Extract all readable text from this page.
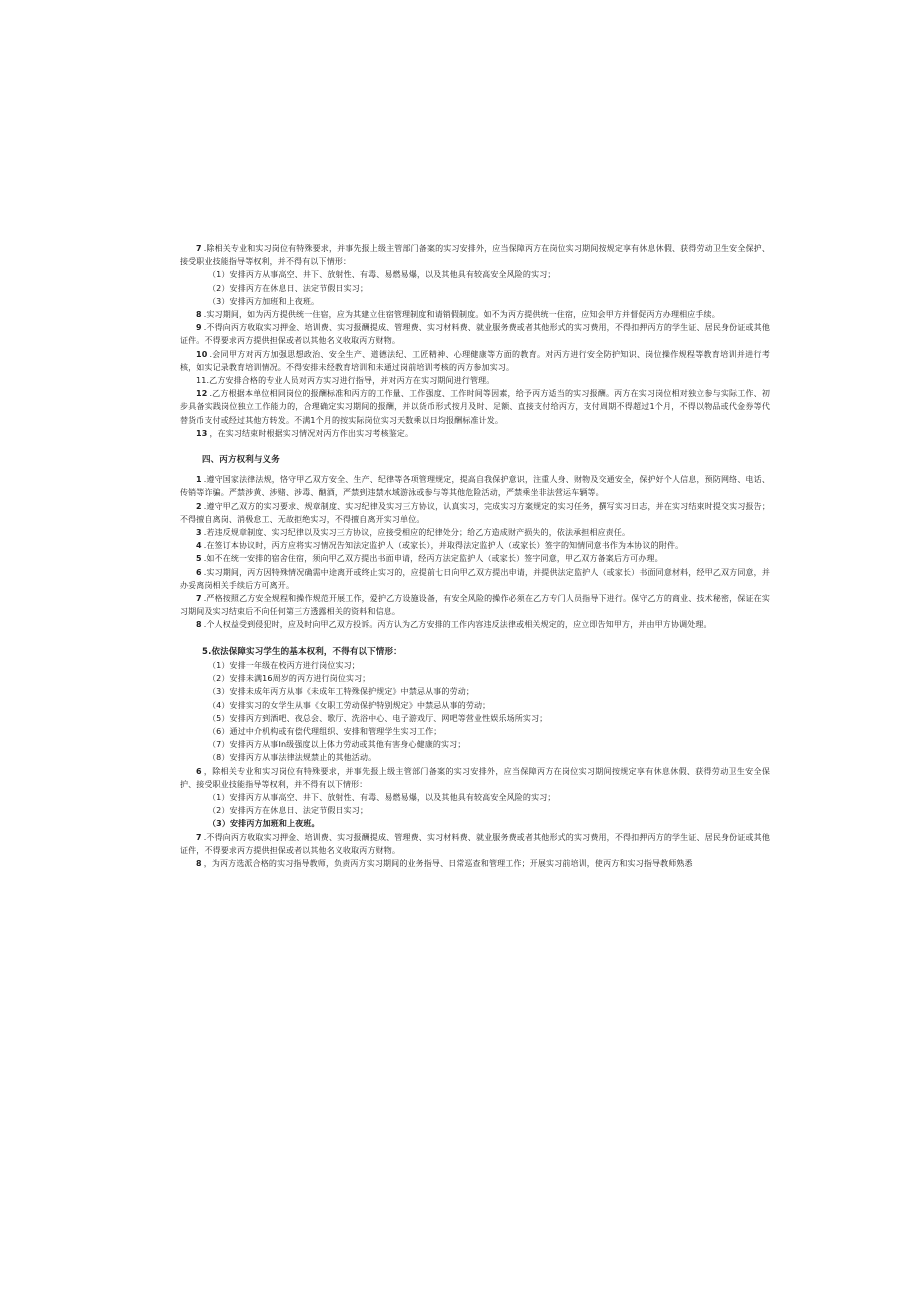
7 .除相关专业和实习岗位有特殊要求，并事先报上级主管部门备案的实习安排外，应当保障丙方在岗位实习期间按规定享有休息休假、获得劳动卫生安全保护、接受职业技能指导等权利，并不得有以下情形：

（1）安排丙方从事高空、井下、放射性、有毒、易燃易爆，以及其他具有较高安全风险的实习；

（2）安排丙方在休息日、法定节假日实习；

（3）安排丙方加班和上夜班。

8 .实习期间，如为丙方提供统一住宿，应为其建立住宿管理制度和请销假制度。如不为丙方提供统一住宿，应知会甲方并督促丙方办理相应手续。

9 .不得向丙方收取实习押金、培训费、实习报酬提成、管理费、实习材料费、就业服务费或者其他形式的实习费用，不得扣押丙方的学生证、居民身份证或其他证件。不得要求丙方提供担保或者以其他名义收取丙方财物。

10 .会同甲方对丙方加强思想政治、安全生产、道德法纪、工匠精神、心理健康等方面的教育。对丙方进行安全防护知识、岗位操作规程等教育培训并进行考核，如实记录教育培训情况。不得安排未经教育培训和未通过岗前培训考核的丙方参加实习。

11.乙方安排合格的专业人员对丙方实习进行指导，并对丙方在实习期间进行管理。

12 .乙方根据本单位相同岗位的报酬标准和丙方的工作量、工作强度、工作时间等因素，给予丙方适当的实习报酬。丙方在实习岗位相对独立参与实际工作、初步具备实践岗位独立工作能力的，合理确定实习期间的报酬，并以货币形式按月及时、足额、直接支付给丙方，支付周期不得超过1个月，不得以物品或代金券等代替货币支付或经过其他方转发。不满1个月的按实际岗位实习天数乘以日均报酬标准计发。

13 ，在实习结束时根据实习情况对丙方作出实习考核鉴定。

四、丙方权利与义务

1 .遵守国家法律法规，恪守甲乙双方安全、生产、纪律等各项管理规定，提高自我保护意识，注重人身、财物及交通安全，保护好个人信息，预防网络、电话、传销等诈骗。严禁涉黄、涉赌、涉毒、酗酒，严禁到违禁水域游泳或参与等其他危险活动，严禁乘坐非法营运车辆等。

2 .遵守甲乙双方的实习要求、规章制度、实习纪律及实习三方协议，认真实习，完成实习方案规定的实习任务，撰写实习日志，并在实习结束时提交实习报告；不得擅自离岗、消极怠工、无故拒绝实习，不得擅自离开实习单位。

3 .若违反规章制度、实习纪律以及实习三方协议，应接受相应的纪律处分；给乙方造成财产损失的，依法承担相应责任。

4 .在签订本协议时，丙方应将实习情况告知法定监护人（或家长），并取得法定监护人（或家长）签字的知情同意书作为本协议的附件。

5 .如不在统一安排的宿舍住宿，须向甲乙双方提出书面申请，经丙方法定监护人（或家长）签字同意，甲乙双方备案后方可办理。

6 .实习期间，丙方因特殊情况确需中途离开或终止实习的，应提前七日向甲乙双方提出申请，并提供法定监护人（或家长）书面同意材料，经甲乙双方同意，并办妥离岗相关手续后方可离开。

7 .严格按照乙方安全规程和操作规范开展工作，爱护乙方设施设备，有安全风险的操作必须在乙方专门人员指导下进行。保守乙方的商业、技术秘密，保证在实习期间及实习结束后不向任何第三方透露相关的资料和信息。

8 .个人权益受到侵犯时，应及时向甲乙双方投诉。丙方认为乙方安排的工作内容违反法律或相关规定的，应立即告知甲方，并由甲方协调处理。

5.依法保障实习学生的基本权利，不得有以下情形：

（1）安排一年级在校丙方进行岗位实习；

（2）安排未满16周岁的丙方进行岗位实习；

（3）安排未成年丙方从事《未成年工特殊保护规定》中禁忌从事的劳动；

（4）安排实习的女学生从事《女职工劳动保护特别规定》中禁忌从事的劳动；

（5）安排丙方到酒吧、夜总会、歌厅、洗浴中心、电子游戏厅、网吧等营业性娱乐场所实习；

（6）通过中介机构或有偿代理组织、安排和管理学生实习工作；

（7）安排丙方从事In级强度以上体力劳动或其他有害身心健康的实习；

（8）安排丙方从事法律法规禁止的其他活动。

6 ，除相关专业和实习岗位有特殊要求，并事先报上级主管部门备案的实习安排外，应当保障丙方在岗位实习期间按规定享有休息休假、获得劳动卫生安全保护、接受职业技能指导等权利，并不得有以下情形：

（1）安排丙方从事高空、井下、放射性、有毒、易燃易爆，以及其他具有较高安全风险的实习；

（2）安排丙方在休息日、法定节假日实习；

（3）安排丙方加班和上夜班。

7 .不得向丙方收取实习押金、培训费、实习报酬提成、管理费、实习材料费、就业服务费或者其他形式的实习费用，不得扣押丙方的学生证、居民身份证或其他证件，不得要求丙方提供担保或者以其他名义收取丙方财物。

8 ，为丙方选派合格的实习指导教师，负责丙方实习期间的业务指导、日常巡查和管理工作；开展实习前培训，使丙方和实习指导教师熟悉
